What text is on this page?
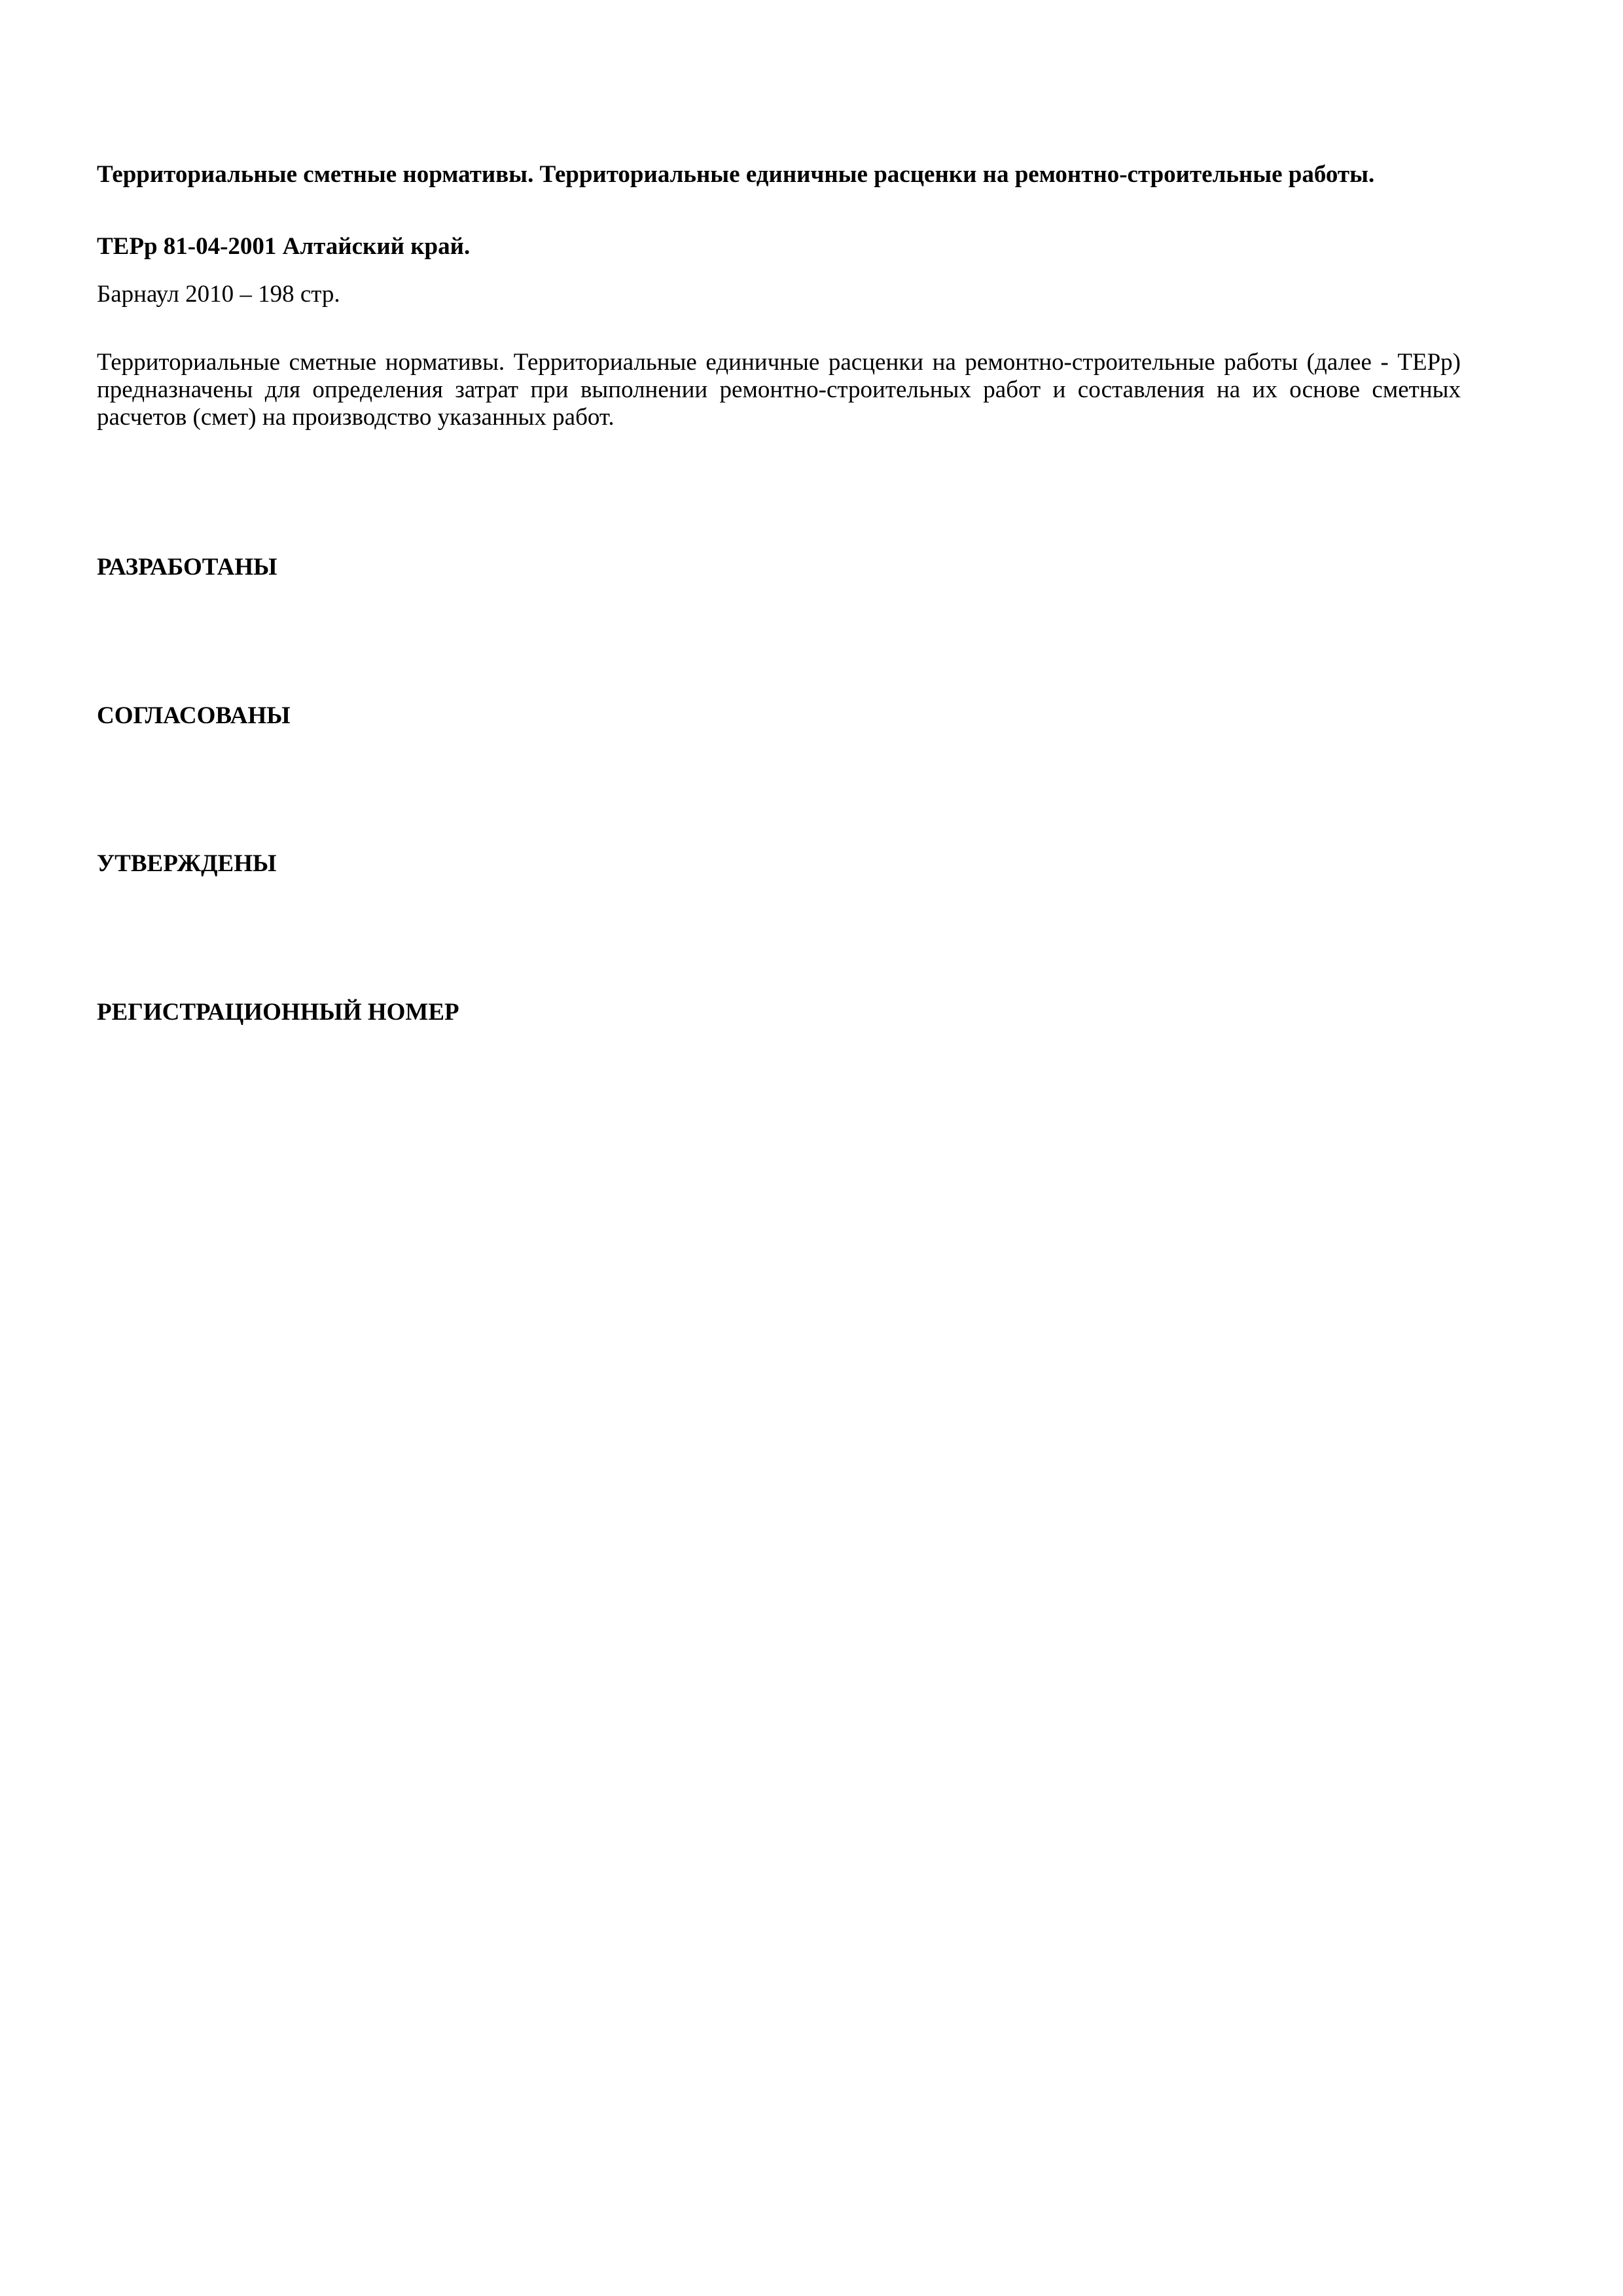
Территориальные сметные нормативы. Территориальные единичные расценки на ремонтно-строительные работы.

ТЕРр 81-04-2001 Алтайский край.

Барнаул 2010 – 198 стр.

Территориальные сметные нормативы. Территориальные единичные расценки на ремонтно-строительные работы (далее - ТЕРр) предназначены для определения затрат при выполнении ремонтно-строительных работ и составления на их основе сметных расчетов (смет) на производство указанных работ.

РАЗРАБОТАНЫ

СОГЛАСОВАНЫ

УТВЕРЖДЕНЫ

РЕГИСТРАЦИОННЫЙ НОМЕР
